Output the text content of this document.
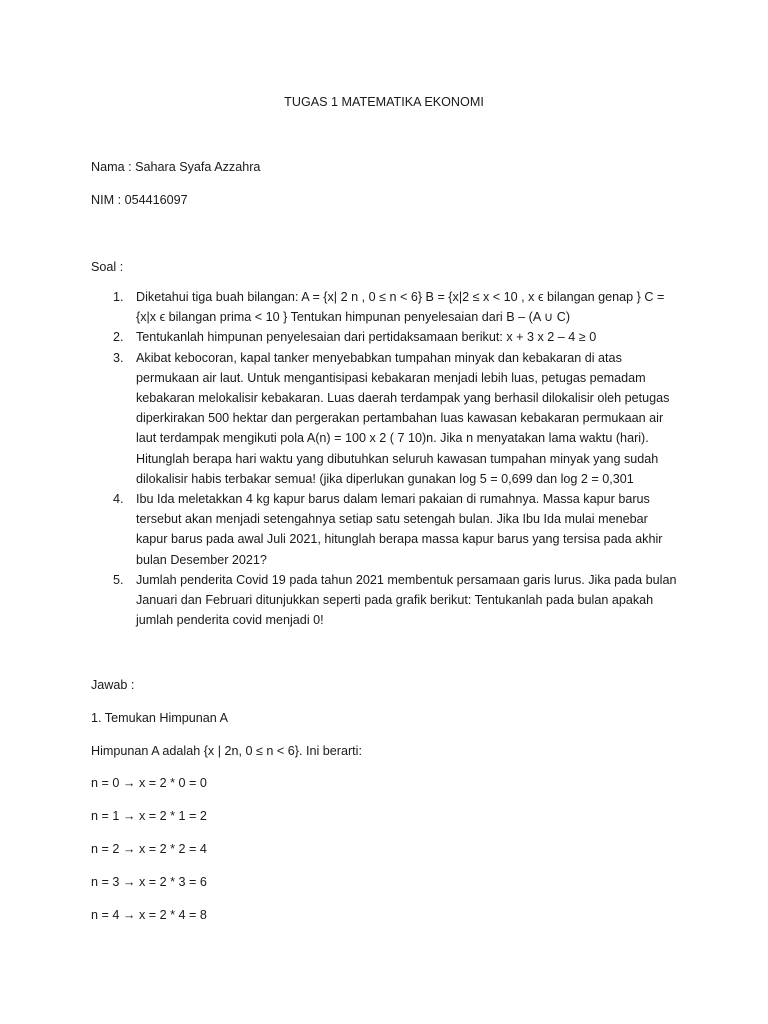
TUGAS 1 MATEMATIKA EKONOMI
Nama : Sahara Syafa Azzahra
NIM : 054416097
Soal :
1. Diketahui tiga buah bilangan: A = {x| 2 n , 0 ≤ n < 6} B = {x|2 ≤ x < 10 , x ϵ bilangan genap } C =
{x|x ϵ bilangan prima < 10 } Tentukan himpunan penyelesaian dari B – (A ∪ C)
2. Tentukanlah himpunan penyelesaian dari pertidaksamaan berikut: x + 3 x 2 – 4 ≥ 0
3. Akibat kebocoran, kapal tanker menyebabkan tumpahan minyak dan kebakaran di atas
permukaan air laut. Untuk mengantisipasi kebakaran menjadi lebih luas, petugas pemadam
kebakaran melokalisir kebakaran. Luas daerah terdampak yang berhasil dilokalisir oleh petugas
diperkirakan 500 hektar dan pergerakan pertambahan luas kawasan kebakaran permukaan air
laut terdampak mengikuti pola A(n) = 100 x 2 ( 7 10)n. Jika n menyatakan lama waktu (hari).
Hitunglah berapa hari waktu yang dibutuhkan seluruh kawasan tumpahan minyak yang sudah
dilokalisir habis terbakar semua! (jika diperlukan gunakan log 5 = 0,699 dan log 2 = 0,301
4. Ibu Ida meletakkan 4 kg kapur barus dalam lemari pakaian di rumahnya. Massa kapur barus
tersebut akan menjadi setengahnya setiap satu setengah bulan. Jika Ibu Ida mulai menebar
kapur barus pada awal Juli 2021, hitunglah berapa massa kapur barus yang tersisa pada akhir
bulan Desember 2021?
5. Jumlah penderita Covid 19 pada tahun 2021 membentuk persamaan garis lurus. Jika pada bulan
Januari dan Februari ditunjukkan seperti pada grafik berikut: Tentukanlah pada bulan apakah
jumlah penderita covid menjadi 0!
Jawab :
1. Temukan Himpunan A
Himpunan A adalah {x | 2n, 0 ≤ n < 6}. Ini berarti:
n = 0 → x = 2 * 0 = 0
n = 1 → x = 2 * 1 = 2
n = 2 → x = 2 * 2 = 4
n = 3 → x = 2 * 3 = 6
n = 4 → x = 2 * 4 = 8
